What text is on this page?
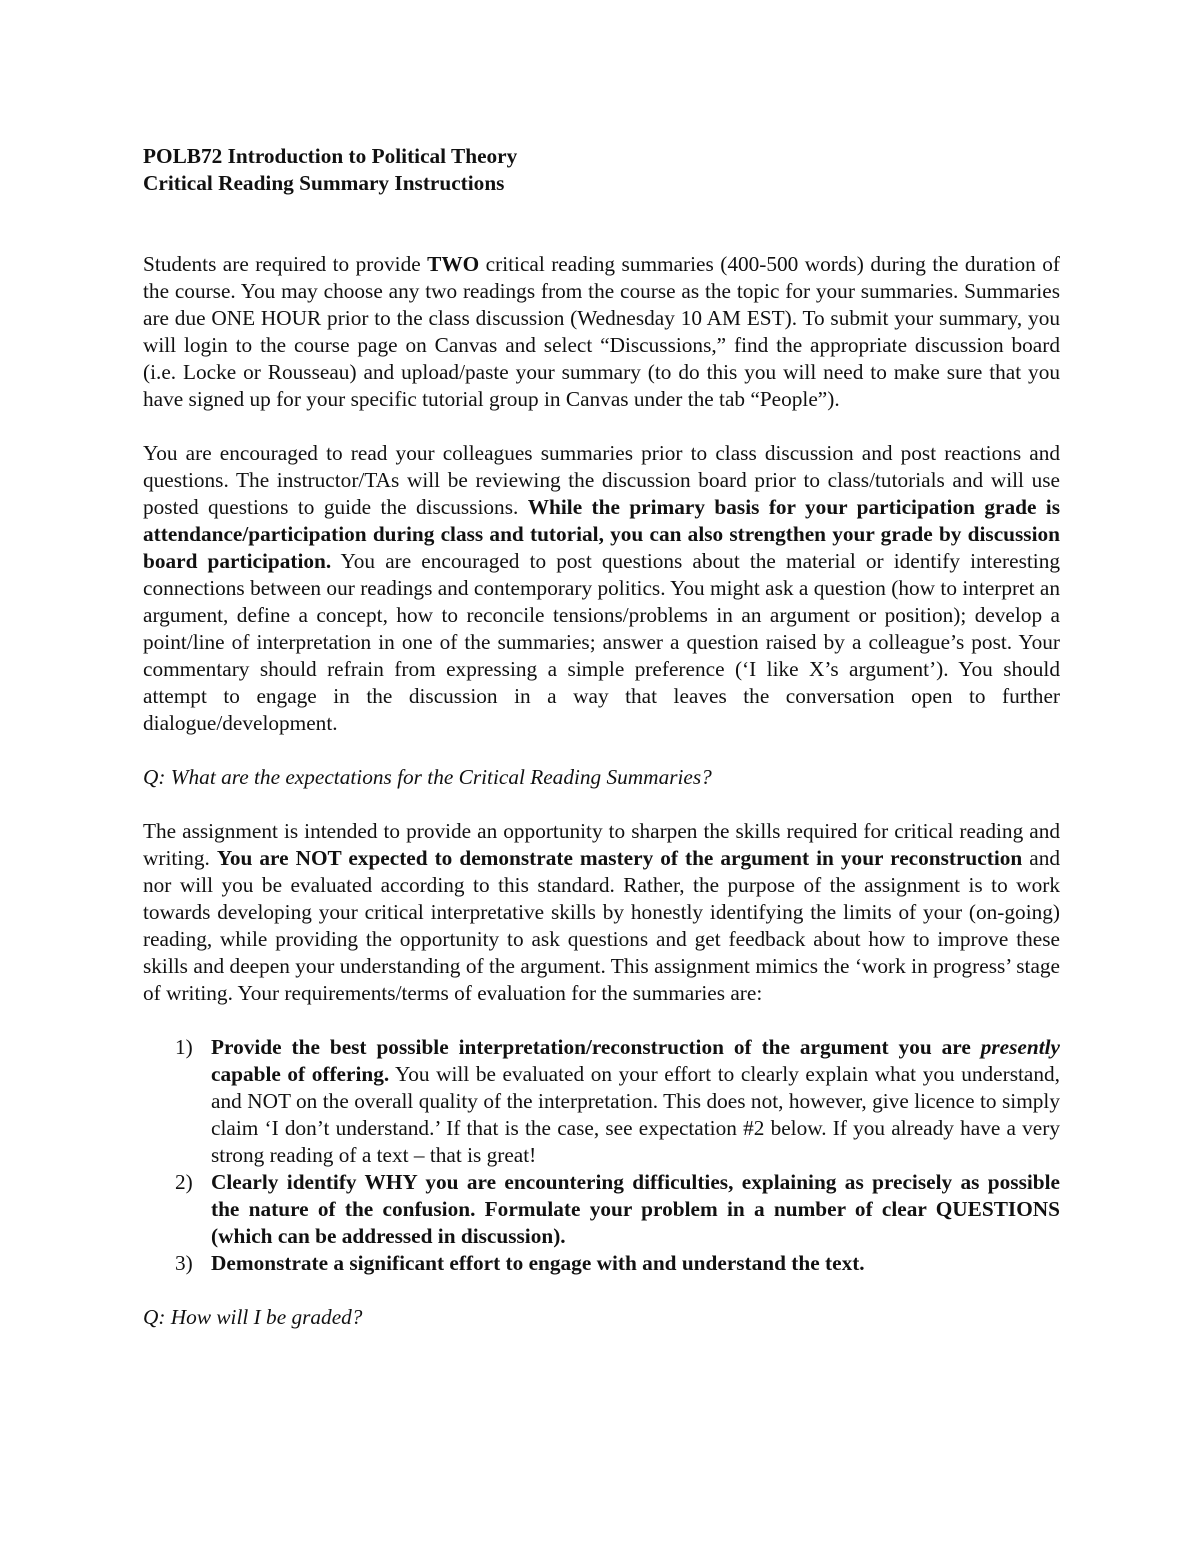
POLB72 Introduction to Political Theory
Critical Reading Summary Instructions

Students are required to provide TWO critical reading summaries (400-500 words) during the duration of the course. You may choose any two readings from the course as the topic for your summaries. Summaries are due ONE HOUR prior to the class discussion (Wednesday 10 AM EST). To submit your summary, you will login to the course page on Canvas and select “Discussions,” find the appropriate discussion board (i.e. Locke or Rousseau) and upload/paste your summary (to do this you will need to make sure that you have signed up for your specific tutorial group in Canvas under the tab “People”).

You are encouraged to read your colleagues summaries prior to class discussion and post reactions and questions. The instructor/TAs will be reviewing the discussion board prior to class/tutorials and will use posted questions to guide the discussions. While the primary basis for your participation grade is attendance/participation during class and tutorial, you can also strengthen your grade by discussion board participation. You are encouraged to post questions about the material or identify interesting connections between our readings and contemporary politics. You might ask a question (how to interpret an argument, define a concept, how to reconcile tensions/problems in an argument or position); develop a point/line of interpretation in one of the summaries; answer a question raised by a colleague’s post. Your commentary should refrain from expressing a simple preference (‘I like X’s argument’). You should attempt to engage in the discussion in a way that leaves the conversation open to further dialogue/development.

Q: What are the expectations for the Critical Reading Summaries?

The assignment is intended to provide an opportunity to sharpen the skills required for critical reading and writing. You are NOT expected to demonstrate mastery of the argument in your reconstruction and nor will you be evaluated according to this standard. Rather, the purpose of the assignment is to work towards developing your critical interpretative skills by honestly identifying the limits of your (on-going) reading, while providing the opportunity to ask questions and get feedback about how to improve these skills and deepen your understanding of the argument. This assignment mimics the ‘work in progress’ stage of writing. Your requirements/terms of evaluation for the summaries are:

1) Provide the best possible interpretation/reconstruction of the argument you are presently capable of offering. You will be evaluated on your effort to clearly explain what you understand, and NOT on the overall quality of the interpretation. This does not, however, give licence to simply claim ‘I don’t understand.’ If that is the case, see expectation #2 below. If you already have a very strong reading of a text – that is great!
2) Clearly identify WHY you are encountering difficulties, explaining as precisely as possible the nature of the confusion. Formulate your problem in a number of clear QUESTIONS (which can be addressed in discussion).
3) Demonstrate a significant effort to engage with and understand the text.

Q: How will I be graded?
